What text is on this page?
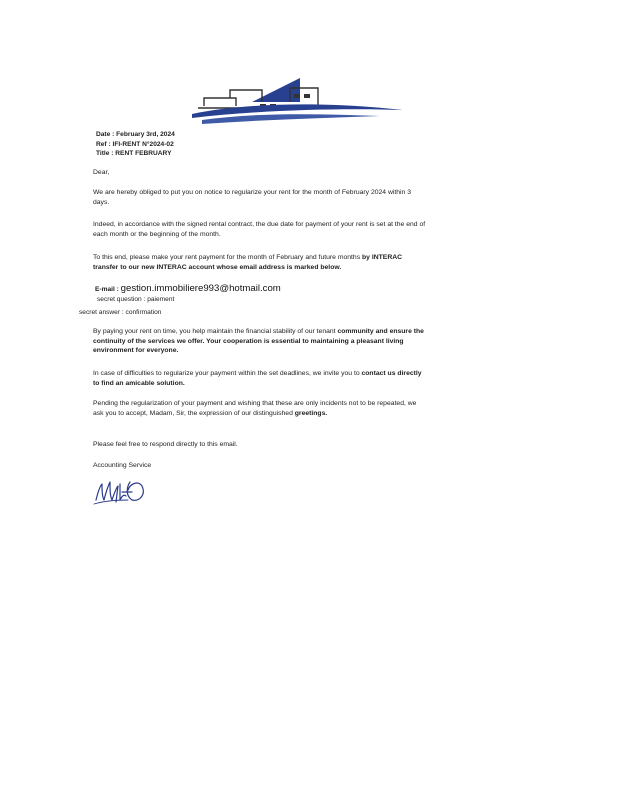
Date : February 3rd, 2024
Ref : IFI-RENT N°2024-02
Title : RENT FEBRUARY
Dear,
We are hereby obliged to put you on notice to regularize your rent for the month of February 2024 within 3 days.
Indeed, in accordance with the signed rental contract, the due date for payment of your rent is set at the end of each month or the beginning of the month.
To this end, please make your rent payment for the month of February and future months by INTERAC transfer to our new INTERAC account whose email address is marked below.
E-mail : gestion.immobiliere993@hotmail.com
secret question : paiement
secret answer : confirmation
By paying your rent on time, you help maintain the financial stability of our tenant community and ensure the continuity of the services we offer. Your cooperation is essential to maintaining a pleasant living environment for everyone.
In case of difficulties to regularize your payment within the set deadlines, we invite you to contact us directly to find an amicable solution.
Pending the regularization of your payment and wishing that these are only incidents not to be repeated, we ask you to accept, Madam, Sir, the expression of our distinguished greetings.
Please feel free to respond directly to this email.
Accounting Service
